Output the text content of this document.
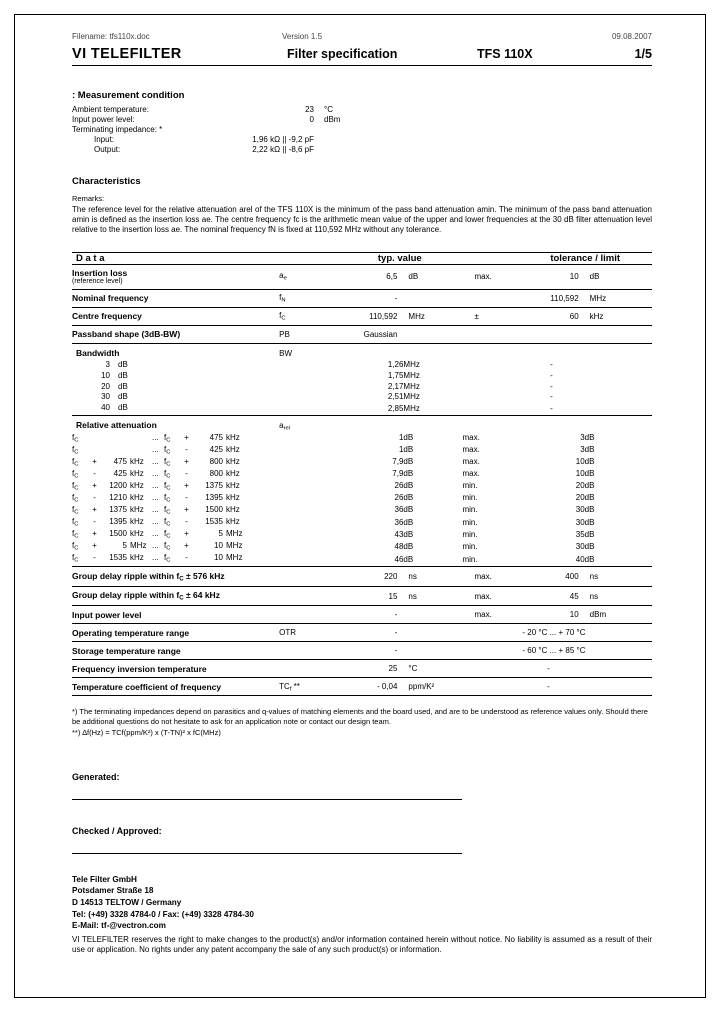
Filename: tfs110x.doc	Version 1.5	09.08.2007
VI TELEFILTER	Filter specification	TFS 110X	1/5
: Measurement condition
Ambient temperature:	23	°C
Input power level:	0	dBm
Terminating impedance: *		
Input:	1,96 kΩ || -9,2 pF	
Output:	2,22 kΩ || -8,6 pF	
Characteristics
Remarks:
The reference level for the relative attenuation arel of the TFS 110X is the minimum of the pass band attenuation amin. The minimum of the pass band attenuation amin is defined as the insertion loss ae. The centre frequency fc is the arithmetic mean value of the upper and lower frequencies at the 30 dB filter attenuation level relative to the insertion loss ae. The nominal frequency fN is fixed at 110,592 MHz without any tolerance.
D a t a		typ. value			tolerance / limit	
Insertion loss
(reference level)	$a_e$	6,5	dB	max.	10	dB
Nominal frequency	$f_N$	-			110,592	MHz
Centre frequency	$f_C$	110,592	MHz	±	60	kHz
Passband shape (3dB-BW)	PB	Gaussian				
Bandwidth	BW					
3 dB		1,26	MHz		-	
10 dB		1,75	MHz		-	
20 dB		2,17	MHz		-	
30 dB		2,51	MHz		-	
40 dB		2,85	MHz		-	
Relative attenuation	$a_{rel}$					
$f_C$ ... $f_C + 475$ kHz		1	dB	max.	3	dB
$f_C$ ... $f_C - 425$ kHz		1	dB	max.	3	dB
$f_C + 475$ kHz ... $f_C + 800$ kHz		7,9	dB	max.	10	dB
$f_C - 425$ kHz ... $f_C - 800$ kHz		7,9	dB	max.	10	dB
$f_C + 1200$ kHz ... $f_C + 1375$ kHz		26	dB	min.	20	dB
$f_C - 1210$ kHz ... $f_C - 1395$ kHz		26	dB	min.	20	dB
$f_C + 1375$ kHz ... $f_C + 1500$ kHz		36	dB	min.	30	dB
$f_C - 1395$ kHz ... $f_C - 1535$ kHz		36	dB	min.	30	dB
$f_C + 1500$ kHz ... $f_C + 5$ MHz		43	dB	min.	35	dB
$f_C + 5$ MHz ... $f_C + 10$ MHz		48	dB	min.	30	dB
$f_C - 1535$ kHz ... $f_C - 10$ MHz		46	dB	min.	40	dB
Group delay ripple within $f_C \pm 576$ kHz		220	ns	max.	400	ns
Group delay ripple within $f_C \pm 64$ kHz		15	ns	max.	45	ns
Input power level		-		max.	10	dBm
Operating temperature range	OTR	-			- 20 °C ... + 70 °C	
Storage temperature range		-			- 60 °C ... + 85 °C	
Frequency inversion temperature		25	°C		-	
Temperature coefficient of frequency	$TC_f$ **	- 0,04	ppm/K²		-	

*) The terminating impedances depend on parasitics and q-values of matching elements and the board used, and are to be understood as reference values only. Should there be additional questions do not hesitate to ask for an application note or contact our design team.

**) ∆f(Hz) = TCf(ppm/K²) x (T-TN)² x fC(MHz)

Generated:
Checked / Approved:
Tele Filter GmbH
Potsdamer Straße 18
D 14513 TELTOW / Germany
Tel: (+49) 3328 4784-0 / Fax: (+49) 3328 4784-30
E-Mail: tf-@vectron.com
VI TELEFILTER reserves the right to make changes to the product(s) and/or information contained herein without notice. No liability is assumed as a result of their use or application. No rights under any patent accompany the sale of any such product(s) or information.
